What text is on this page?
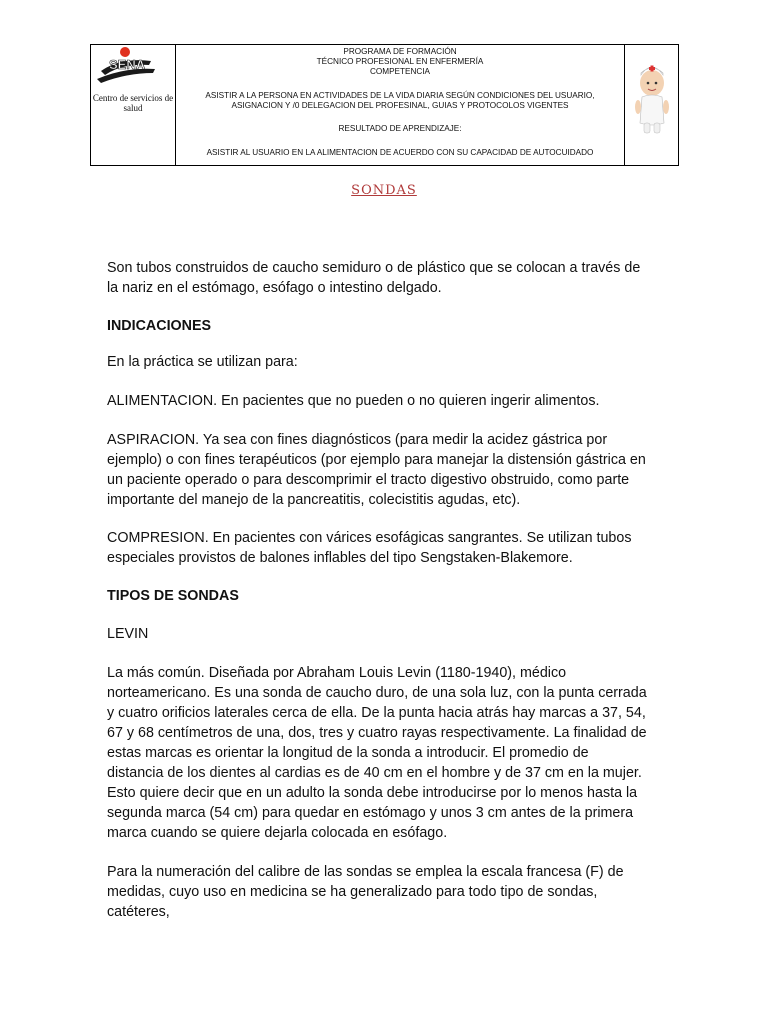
SENA
Centro de servicios de salud

PROGRAMA DE FORMACIÓN

TÉCNICO PROFESIONAL EN ENFERMERÍA

COMPETENCIA

ASISTIR A LA PERSONA EN ACTIVIDADES DE LA VIDA DIARIA SEGÚN CONDICIONES DEL USUARIO,

ASIGNACION Y /0 DELEGACION DEL PROFESINAL, GUIAS Y PROTOCOLOS VIGENTES

RESULTADO DE APRENDIZAJE:

ASISTIR AL USUARIO EN LA ALIMENTACION DE ACUERDO CON SU CAPACIDAD DE AUTOCUIDADO

SONDAS

Son tubos construidos de caucho semiduro o de plástico que se colocan a través de la nariz en el estómago, esófago o intestino delgado.

INDICACIONES

En la práctica se utilizan para:

ALIMENTACION. En pacientes que no pueden o no quieren ingerir alimentos.

ASPIRACION. Ya sea con fines diagnósticos (para medir la acidez gástrica por ejemplo) o con fines terapéuticos (por ejemplo para manejar la distensión gástrica en un paciente operado o para descomprimir el tracto digestivo obstruido, como parte importante del manejo de la pancreatitis, colecistitis agudas, etc).

COMPRESION. En pacientes con várices esofágicas sangrantes. Se utilizan tubos especiales provistos de balones inflables del tipo Sengstaken-Blakemore.

TIPOS DE SONDAS

LEVIN

La más común. Diseñada por Abraham Louis Levin (1180-1940), médico norteamericano. Es una sonda de caucho duro, de una sola luz, con la punta cerrada y cuatro orificios laterales cerca de ella. De la punta hacia atrás hay marcas a 37, 54, 67 y 68 centímetros de una, dos, tres y cuatro rayas respectivamente. La finalidad de estas marcas es orientar la longitud de la sonda a introducir. El promedio de distancia de los dientes al cardias es de 40 cm en el hombre y de 37 cm en la mujer. Esto quiere decir que en un adulto la sonda debe introducirse por lo menos hasta la segunda marca (54 cm) para quedar en estómago y unos 3 cm antes de la primera marca cuando se quiere dejarla colocada en esófago.

Para la numeración del calibre de las sondas se emplea la escala francesa (F) de medidas, cuyo uso en medicina se ha generalizado para todo tipo de sondas, catéteres,
